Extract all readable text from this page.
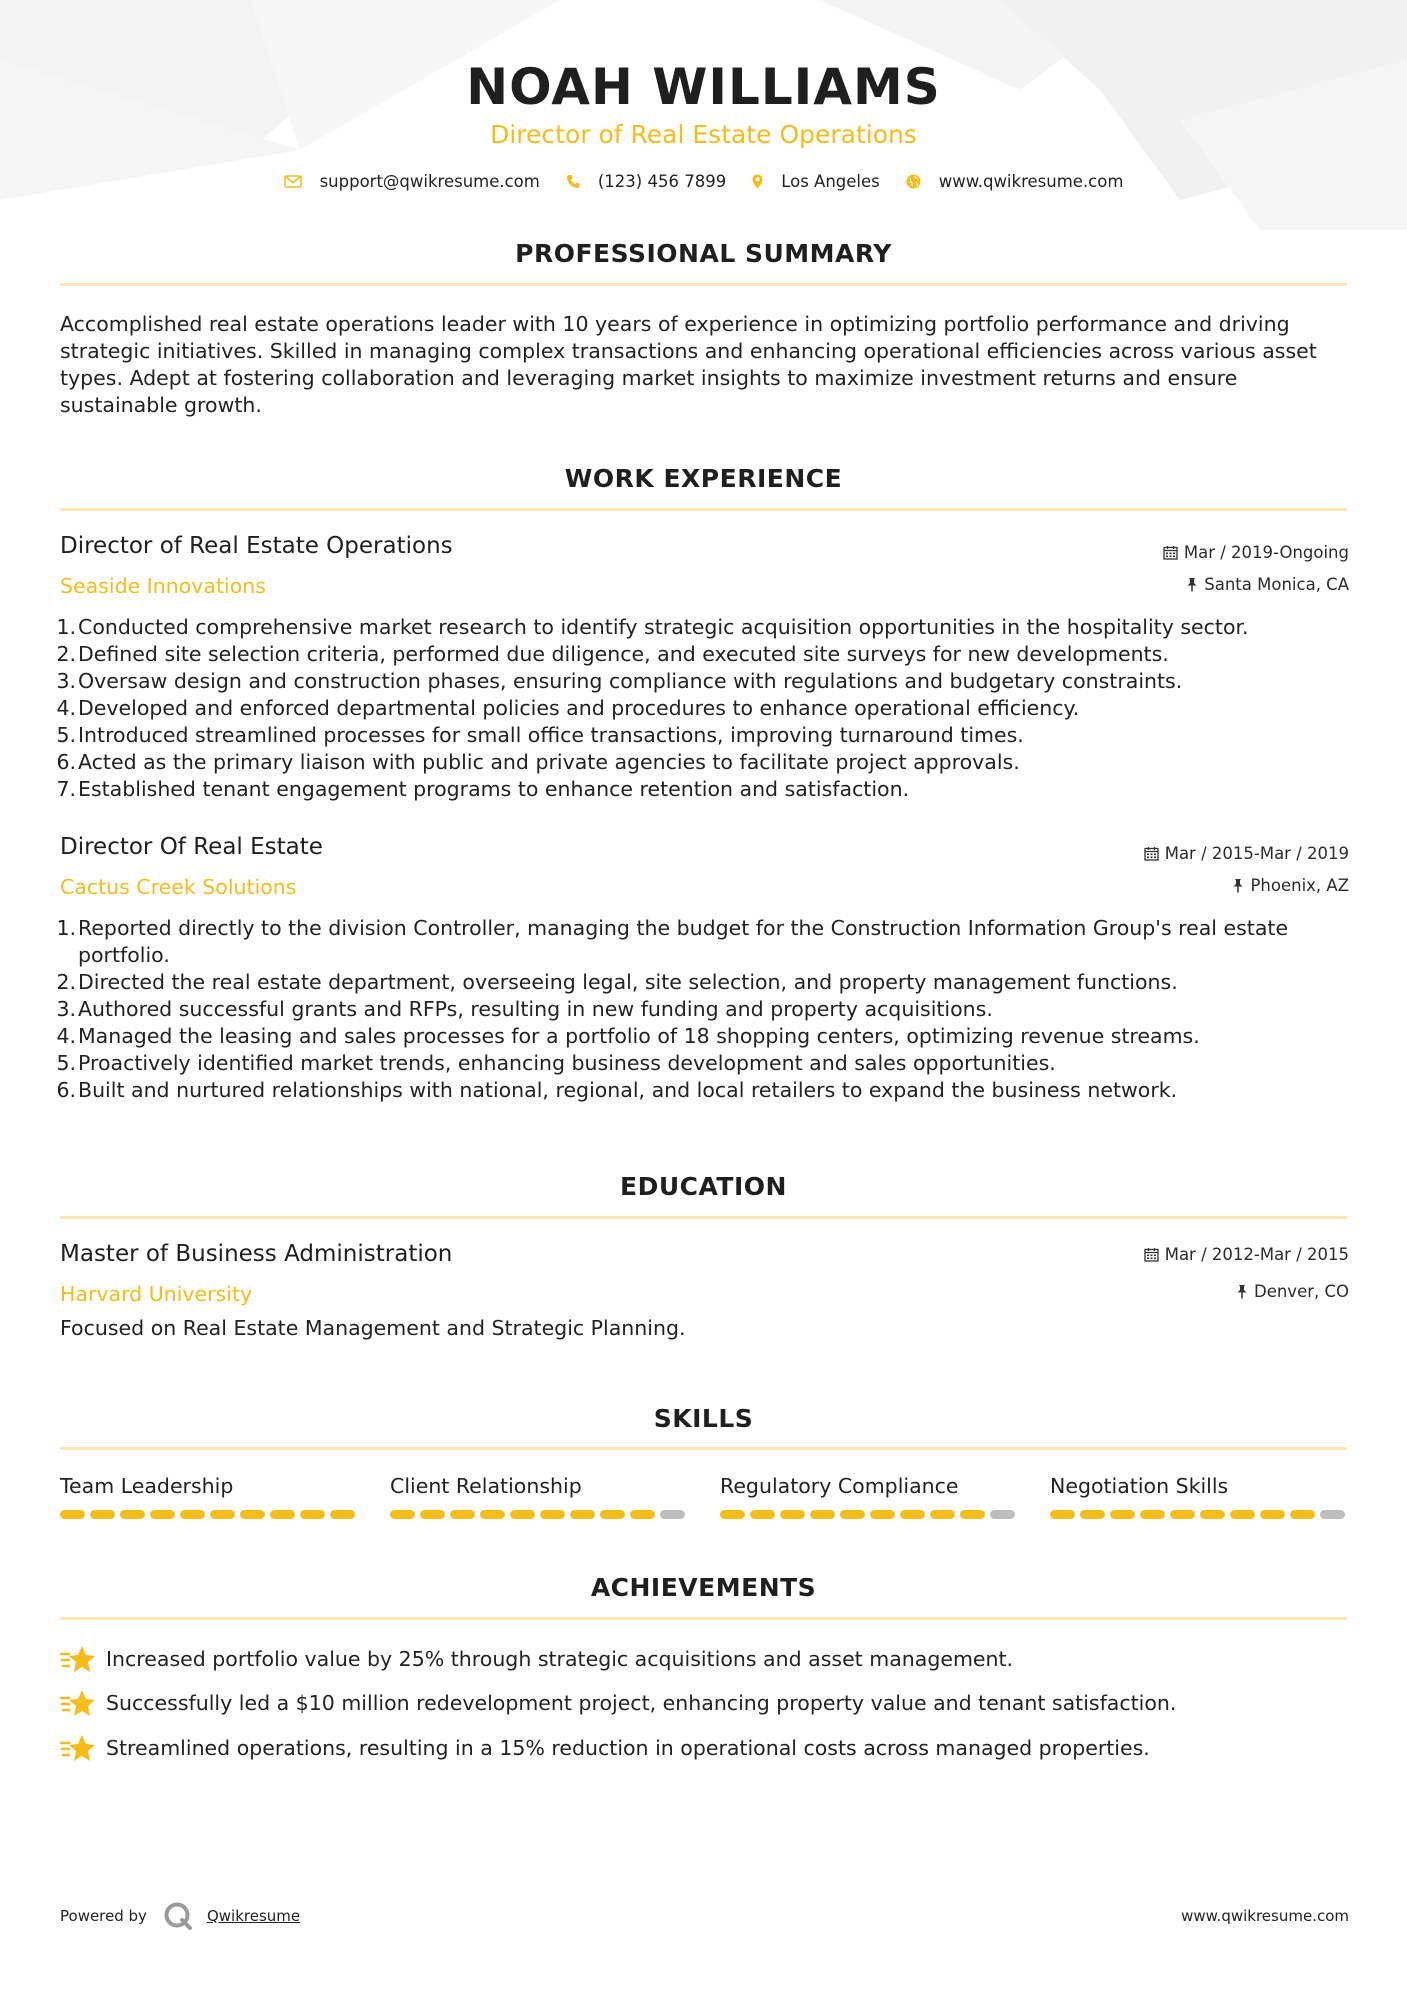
NOAH WILLIAMS
Director of Real Estate Operations
support@qwikresume.com	(123) 456 7899	Los Angeles	www.qwikresume.com
PROFESSIONAL SUMMARY

Accomplished real estate operations leader with 10 years of experience in optimizing portfolio performance and driving strategic initiatives. Skilled in managing complex transactions and enhancing operational efficiencies across various asset types. Adept at fostering collaboration and leveraging market insights to maximize investment returns and ensure sustainable growth.

WORK EXPERIENCE
Director of Real Estate Operations
Seaside Innovations
Mar / 2019-Ongoing
Santa Monica, CA
1. Conducted comprehensive market research to identify strategic acquisition opportunities in the hospitality sector.
2. Defined site selection criteria, performed due diligence, and executed site surveys for new developments.
3. Oversaw design and construction phases, ensuring compliance with regulations and budgetary constraints.
4. Developed and enforced departmental policies and procedures to enhance operational efficiency.
5. Introduced streamlined processes for small office transactions, improving turnaround times.
6. Acted as the primary liaison with public and private agencies to facilitate project approvals.
7. Established tenant engagement programs to enhance retention and satisfaction.
Director Of Real Estate
Cactus Creek Solutions
Mar / 2015-Mar / 2019
Phoenix, AZ
1. Reported directly to the division Controller, managing the budget for the Construction Information Group's real estate portfolio.
2. Directed the real estate department, overseeing legal, site selection, and property management functions.
3. Authored successful grants and RFPs, resulting in new funding and property acquisitions.
4. Managed the leasing and sales processes for a portfolio of 18 shopping centers, optimizing revenue streams.
5. Proactively identified market trends, enhancing business development and sales opportunities.
6. Built and nurtured relationships with national, regional, and local retailers to expand the business network.
EDUCATION
Master of Business Administration
Harvard University
Mar / 2012-Mar / 2015
Denver, CO
Focused on Real Estate Management and Strategic Planning.
SKILLS
Team Leadership	Client Relationship	Regulatory Compliance	Negotiation Skills
ACHIEVEMENTS
Increased portfolio value by 25% through strategic acquisitions and asset management.
Successfully led a $10 million redevelopment project, enhancing property value and tenant satisfaction.
Streamlined operations, resulting in a 15% reduction in operational costs across managed properties.
Powered by	Qwikresume	www.qwikresume.com
